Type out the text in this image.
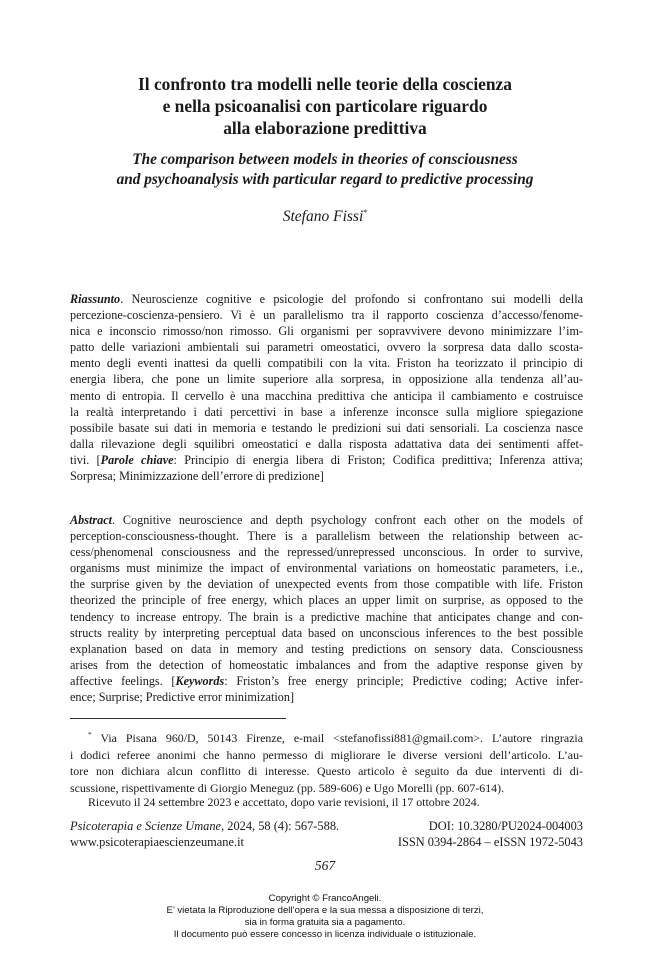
Il confronto tra modelli nelle teorie della coscienza
e nella psicoanalisi con particolare riguardo
alla elaborazione predittiva
The comparison between models in theories of consciousness
and psychoanalysis with particular regard to predictive processing
Stefano Fissi*
Riassunto. Neuroscienze cognitive e psicologie del profondo si confrontano sui modelli della
percezione-coscienza-pensiero. Vi è un parallelismo tra il rapporto coscienza d’accesso/fenome-
nica e inconscio rimosso/non rimosso. Gli organismi per sopravvivere devono minimizzare l’im-
patto delle variazioni ambientali sui parametri omeostatici, ovvero la sorpresa data dallo scosta-
mento degli eventi inattesi da quelli compatibili con la vita. Friston ha teorizzato il principio di
energia libera, che pone un limite superiore alla sorpresa, in opposizione alla tendenza all’au-
mento di entropia. Il cervello è una macchina predittiva che anticipa il cambiamento e costruisce
la realtà interpretando i dati percettivi in base a inferenze inconsce sulla migliore spiegazione
possibile basate sui dati in memoria e testando le predizioni sui dati sensoriali. La coscienza nasce
dalla rilevazione degli squilibri omeostatici e dalla risposta adattativa data dei sentimenti affet-
tivi. [Parole chiave: Principio di energia libera di Friston; Codifica predittiva; Inferenza attiva;
Sorpresa; Minimizzazione dell’errore di predizione]
Abstract. Cognitive neuroscience and depth psychology confront each other on the models of
perception-consciousness-thought. There is a parallelism between the relationship between ac-
cess/phenomenal consciousness and the repressed/unrepressed unconscious. In order to survive,
organisms must minimize the impact of environmental variations on homeostatic parameters, i.e.,
the surprise given by the deviation of unexpected events from those compatible with life. Friston
theorized the principle of free energy, which places an upper limit on surprise, as opposed to the
tendency to increase entropy. The brain is a predictive machine that anticipates change and con-
structs reality by interpreting perceptual data based on unconscious inferences to the best possible
explanation based on data in memory and testing predictions on sensory data. Consciousness
arises from the detection of homeostatic imbalances and from the adaptive response given by
affective feelings. [Keywords: Friston’s free energy principle; Predictive coding; Active infer-
ence; Surprise; Predictive error minimization]
* Via Pisana 960/D, 50143 Firenze, e-mail <stefanofissi881@gmail.com>. L’autore ringrazia
i dodici referee anonimi che hanno permesso di migliorare le diverse versioni dell’articolo. L’au-
tore non dichiara alcun conflitto di interesse. Questo articolo è seguito da due interventi di di-
scussione, rispettivamente di Giorgio Meneguz (pp. 589-606) e Ugo Morelli (pp. 607-614).
Ricevuto il 24 settembre 2023 e accettato, dopo varie revisioni, il 17 ottobre 2024.
Psicoterapia e Scienze Umane, 2024, 58 (4): 567-588.	DOI: 10.3280/PU2024-004003
www.psicoterapiaescienzeumane.it	ISSN 0394-2864 – eISSN 1972-5043
567
Copyright © FrancoAngeli.
E’ vietata la Riproduzione dell’opera e la sua messa a disposizione di terzi,
sia in forma gratuita sia a pagamento.
Il documento può essere concesso in licenza individuale o istituzionale.
